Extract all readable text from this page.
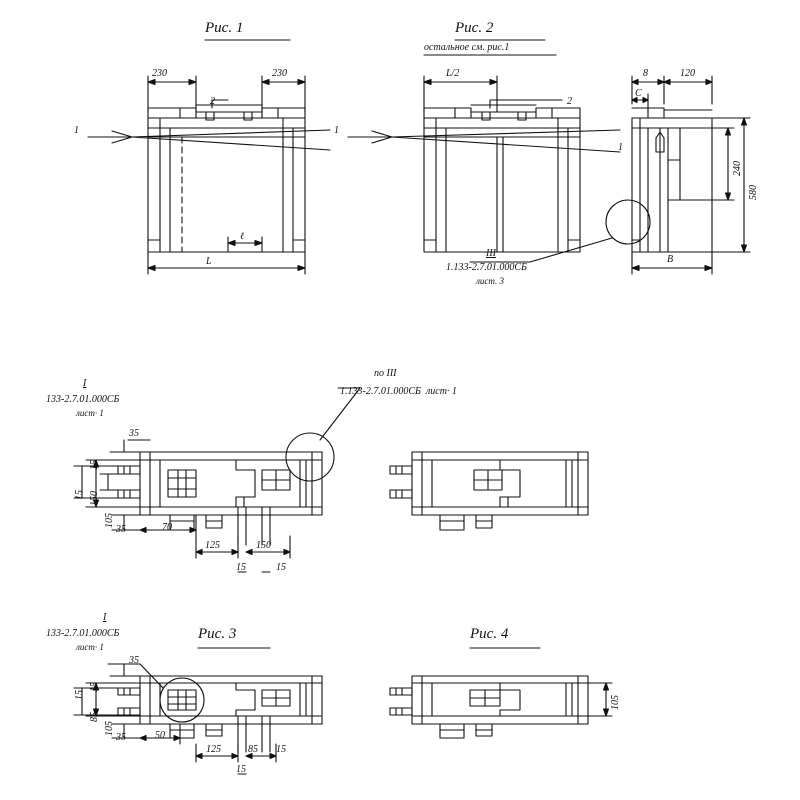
Рис. 1
230	230
2
1
L
ℓ
Рис. 2
остальное см. рис.1
L/2
2
1
1
III
1.133-2.7.01.000СБ
лист. 3
8	120
C
240
580
B
по III
1.133-2.7.01.000СБ  лист· 1
I
133-2.7.01.000СБ
лист· 1
35
15 150
15
105
35	70
125	150
15	15
Рис. 3
I
133-2.7.01.000СБ
лист· 1
35
15
15
85
105
35	50
125	85 15
15
Рис. 4
105
